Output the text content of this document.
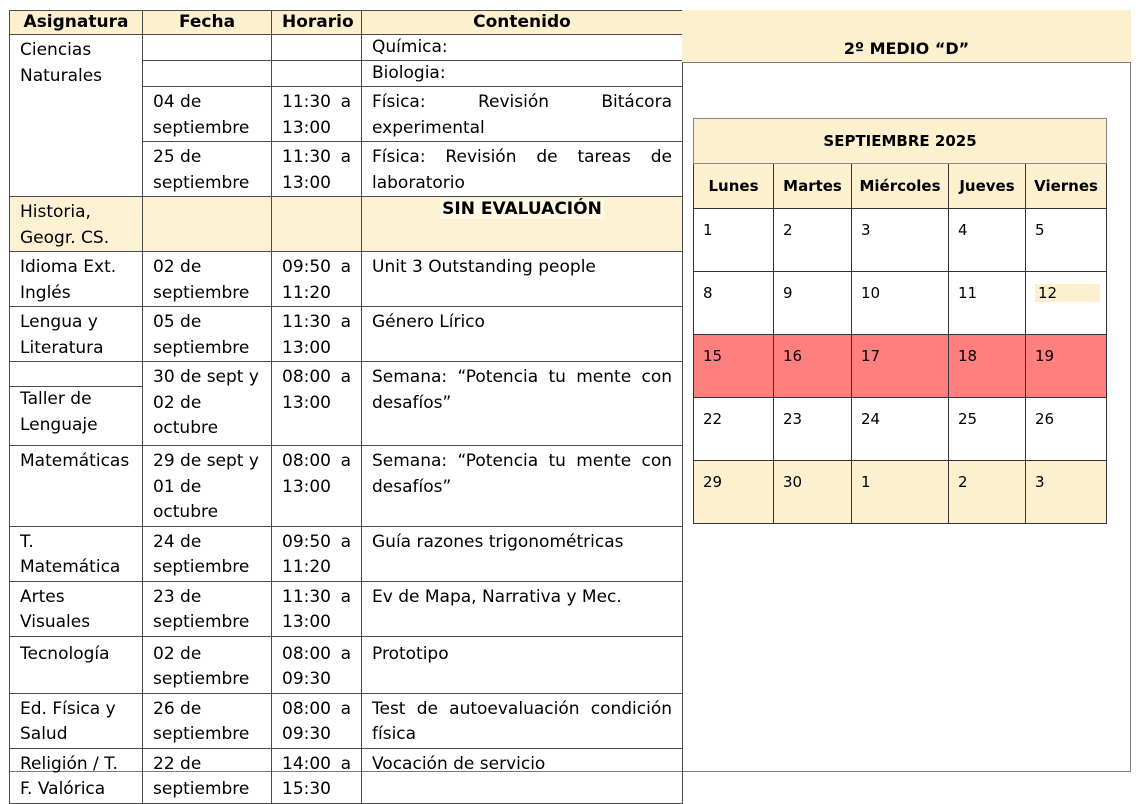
Asignatura	Fecha	Horario	Contenido
Ciencias Naturales			Química:
			Biologia:
	04 de septiembre	11:30 a 13:00	Física: Revisión Bitácora experimental
	25 de septiembre	11:30 a 13:00	Física: Revisión de tareas de laboratorio
Historia, Geogr. CS.			SIN EVALUACIÓN

Idioma Ext. Inglés	02 de septiembre	09:50 a 11:20	Unit 3 Outstanding people
Lengua y Literatura	05 de septiembre	11:30 a 13:00	Género Lírico

Taller de Lenguaje	30 de sept y 02 de octubre	08:00 a 13:00	Semana: “Potencia tu mente con desafíos”
Matemáticas	29 de sept y 01 de octubre	08:00 a 13:00	Semana: “Potencia tu mente con desafíos”
T. Matemática	24 de septiembre	09:50 a 11:20	Guía razones trigonométricas
Artes Visuales	23 de septiembre	11:30 a 13:00	Ev de Mapa, Narrativa y Mec.
Tecnología	02 de septiembre	08:00 a 09:30	Prototipo
Ed. Física y Salud	26 de septiembre	08:00 a 09:30	Test de autoevaluación condición física
Religión / T. F. Valórica	22 de septiembre	14:00 a 15:30	Vocación de servicio
2º MEDIO “D”
SEPTIEMBRE 2025				
Lunes	Martes	Miércoles	Jueves	Viernes
1	2	3	4	5
8	9	10	11	12
15	16	17	18	19
22	23	24	25	26
29	30	1	2	3
